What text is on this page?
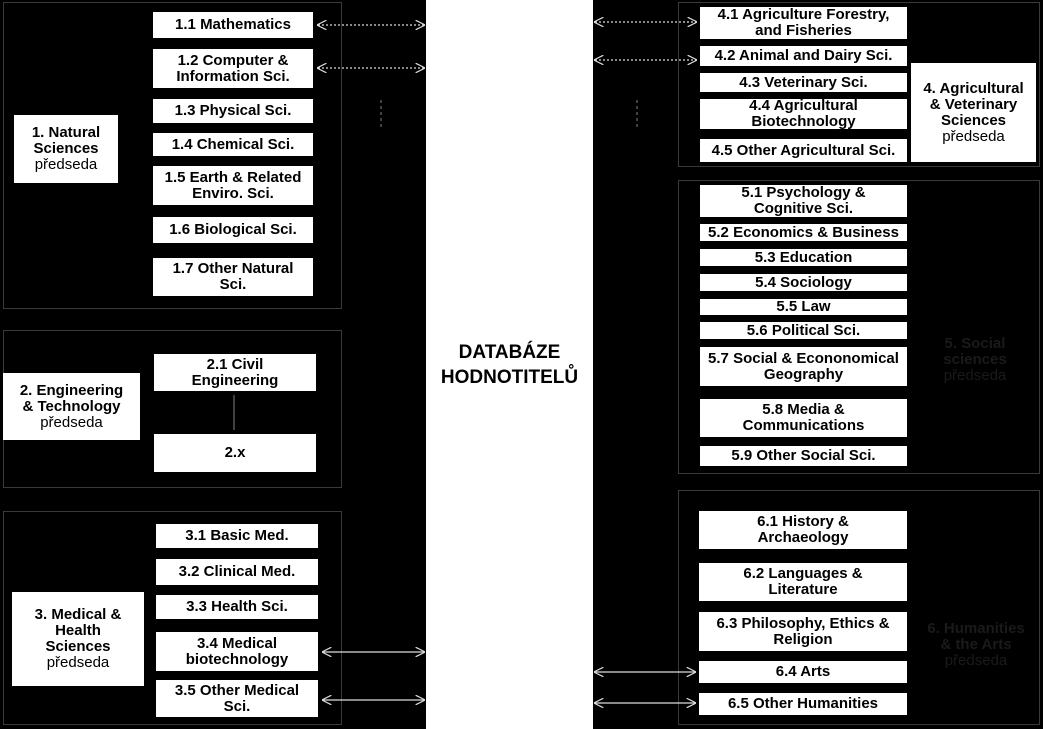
DATABÁZE
HODNOTITELŮ
1. Natural
Sciences
předseda
1.1 Mathematics
1.2 Computer &
Information Sci.
1.3 Physical Sci.
1.4 Chemical Sci.
1.5 Earth & Related
Enviro. Sci.
1.6 Biological Sci.
1.7 Other Natural
Sci.
2. Engineering
& Technology
předseda
2.1 Civil
Engineering
2.x
3. Medical &
Health
Sciences
předseda
3.1 Basic Med.
3.2 Clinical Med.
3.3 Health Sci.
3.4 Medical
biotechnology
3.5 Other Medical
Sci.
4. Agricultural
& Veterinary
Sciences
předseda
4.1 Agriculture Forestry,
and Fisheries
4.2 Animal and Dairy Sci.
4.3 Veterinary Sci.
4.4 Agricultural
Biotechnology
4.5 Other Agricultural Sci.
5. Social
sciences
předseda
5.1 Psychology &
Cognitive Sci.
5.2 Economics & Business
5.3 Education
5.4 Sociology
5.5 Law
5.6 Political Sci.
5.7 Social & Econonomical
Geography
5.8 Media &
Communications
5.9 Other Social Sci.
6. Humanities
& the Arts
předseda
6.1 History &
Archaeology
6.2 Languages &
Literature
6.3 Philosophy, Ethics &
Religion
6.4 Arts
6.5 Other Humanities
